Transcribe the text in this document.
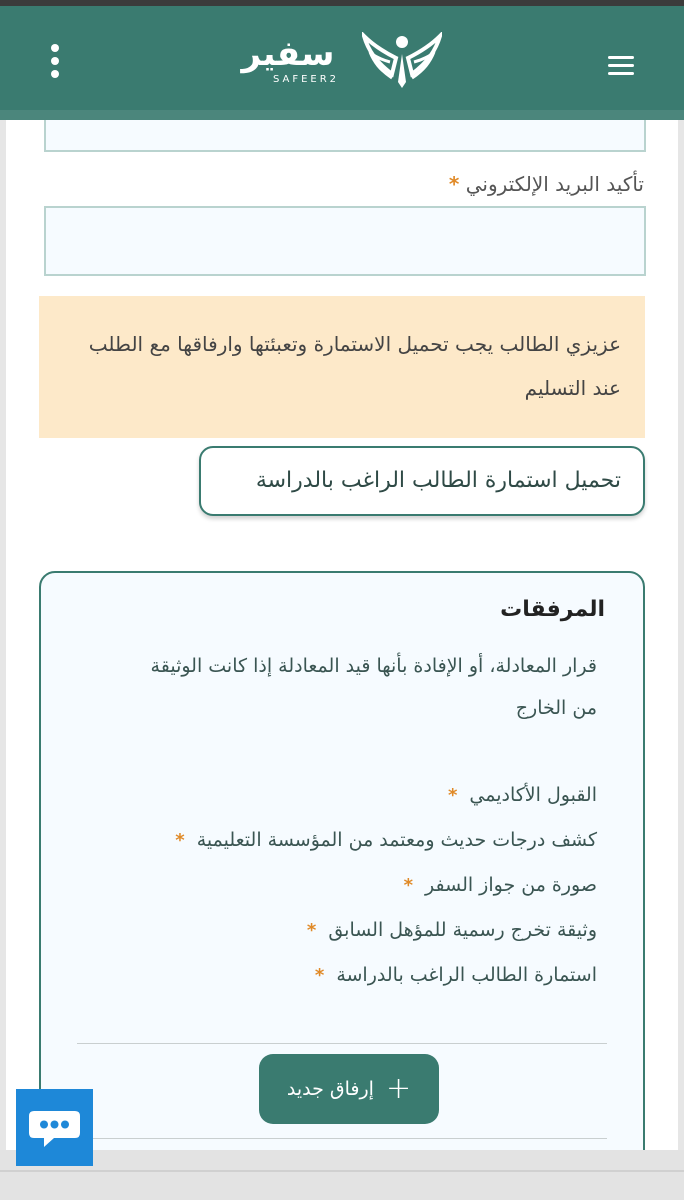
سفير
SAFEER2
تأكيد البريد الإلكتروني *
عزيزي الطالب يجب تحميل الاستمارة وتعبئتها وارفاقها مع الطلب عند التسليم
تحميل استمارة الطالب الراغب بالدراسة
المرفقات

قرار المعادلة، أو الإفادة بأنها قيد المعادلة إذا كانت الوثيقة من الخارج

القبول الأكاديمي*
كشف درجات حديث ومعتمد من المؤسسة التعليمية*
صورة من جواز السفر*
وثيقة تخرج رسمية للمؤهل السابق*
استمارة الطالب الراغب بالدراسة*
+إرفاق جديد
